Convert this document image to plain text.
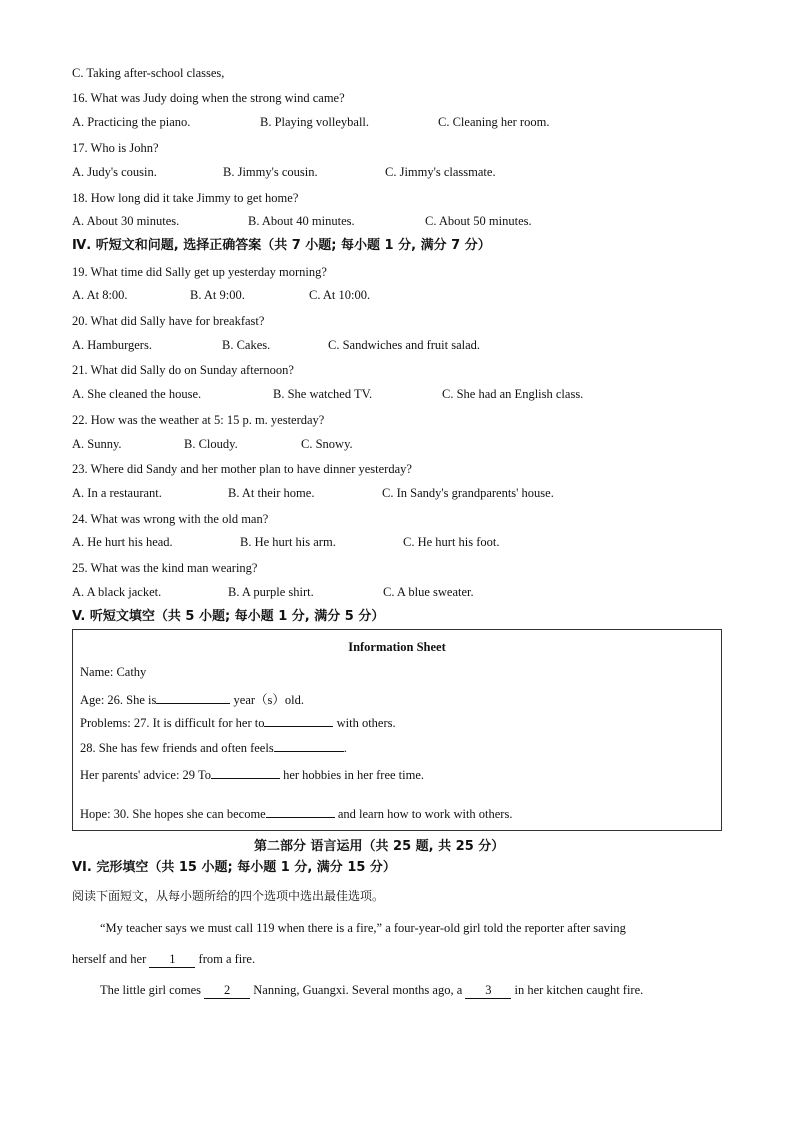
C. Taking after-school classes,
16. What was Judy doing when the strong wind came?
A. Practicing the piano.	B. Playing volleyball.	C. Cleaning her room.
17. Who is John?
A. Judy's cousin.	B. Jimmy's cousin.	C. Jimmy's classmate.
18. How long did it take Jimmy to get home?
A. About 30 minutes.	B. About 40 minutes.	C. About 50 minutes.
Ⅳ. 听短文和问题, 选择正确答案（共 7 小题; 每小题 1 分, 满分 7 分）
19. What time did Sally get up yesterday morning?
A. At 8:00.	B. At 9:00.	C. At 10:00.
20. What did Sally have for breakfast?
A. Hamburgers.	B. Cakes.	C. Sandwiches and fruit salad.
21. What did Sally do on Sunday afternoon?
A. She cleaned the house.	B. She watched TV.	C. She had an English class.
22. How was the weather at 5: 15 p. m. yesterday?
A. Sunny.	B. Cloudy.	C. Snowy.
23. Where did Sandy and her mother plan to have dinner yesterday?
A. In a restaurant.	B. At their home.	C. In Sandy's grandparents' house.
24. What was wrong with the old man?
A. He hurt his head.	B. He hurt his arm.	C. He hurt his foot.
25. What was the kind man wearing?
A. A black jacket.	B. A purple shirt.	C. A blue sweater.
V. 听短文填空（共 5 小题; 每小题 1 分, 满分 5 分）
Information Sheet
Name: Cathy
Age: 26. She is	year（s）old.
Problems: 27. It is difficult for her to	with others.
28. She has few friends and often feels	.
Her parents' advice: 29 To	her hobbies in her free time.
Hope: 30. She hopes she can become	and learn how to work with others.
第二部分 语言运用（共 25 题, 共 25 分）
VI. 完形填空（共 15 小题; 每小题 1 分, 满分 15 分）
阅读下面短文，从每小题所给的四个选项中选出最佳选项。
“My teacher says we must call 119 when there is a fire,” a four-year-old girl told the reporter after saving
herself and her 1 from a fire.
The little girl comes 2 Nanning, Guangxi. Several months ago, a 3 in her kitchen caught fire.
